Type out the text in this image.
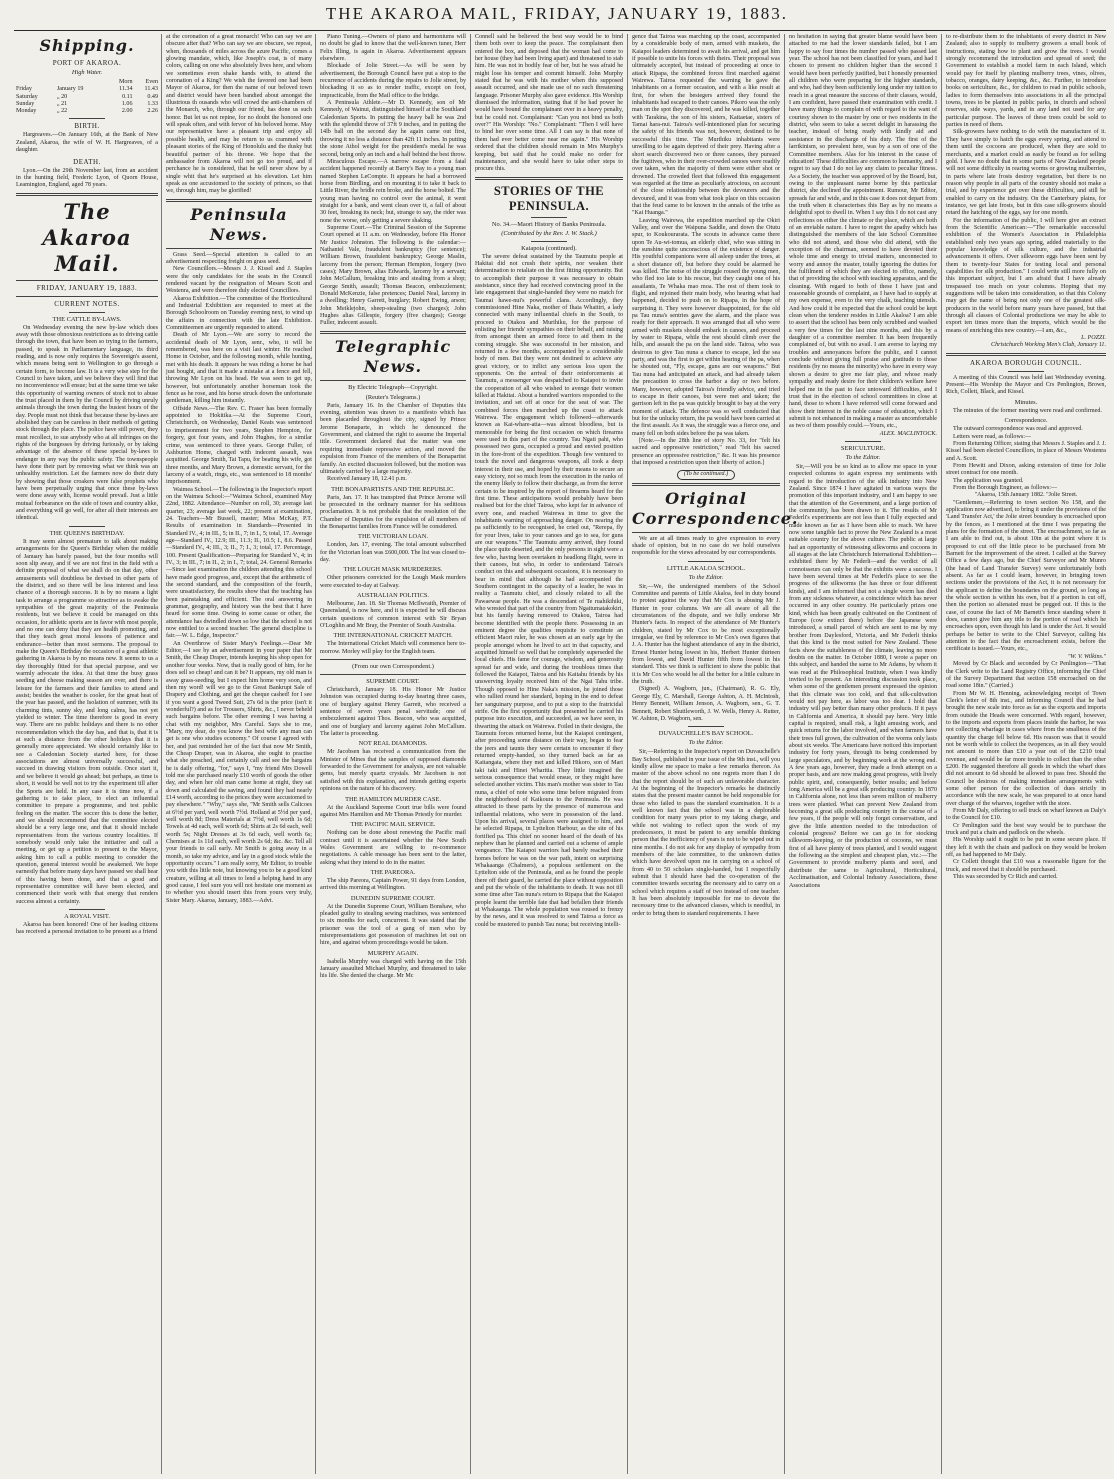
THE AKAROA MAIL, FRIDAY, JANUARY 19, 1883.
Shipping.
PORT OF AKAROA.
High Water.
		Morn	Even
Friday	January 19	11.34	11.43
Saturday	„ 20	0.11	0.49
Sunday	„ 21	1.06	1.33
Monday	„ 22	2.00	2.26
BIRTH.

Hargreaves.—On January 16th, at the Bank of New Zealand, Akaroa, the wife of W. H. Hargreaves, of a daughter.

DEATH.

Lyon.—On the 29th November last, from an accident in the hunting field, Frederic Lyon, of Quorn House, Leamington, England, aged 78 years.

The Akaroa Mail.
FRIDAY, JANUARY 19, 1883.
CURRENT NOTES.
THE CATTLE BY-LAWS.

On Wednesday evening the new by-law which does away with those obnoxious restrictions as to driving cattle through the town, that have been so trying to the farmers, passed, to speak in Parliamentary language, its third reading, and is now only requires the Sovereign's assent, which means being sent to Wellington to go through a certain form, to become law. It is a very wise step for the Council to have taken, and we believe they will find that no inconvenience will ensue; but at the same time we take this opportunity of warning owners of stock not to abuse the trust placed in them by the Council by driving unruly animals through the town during the busiest hours of the day. People must not think that because these by-laws are abolished they can be careless in their methods of getting stock through the place. The police have still power, they must recollect, to sue anybody who at all infringes on the rights of the burgesses by driving furiously, or by taking advantage of the absence of these special by-laws to endanger in any way the public safety. The townspeople have done their part by removing what we think was an unhealthy restriction. Let the farmers now do their duty by showing that those croakers were false prophets who have been perpetually urging that once these by-laws were done away with, license would prevail. Just a little mutual forbearance on the side of town and country alike, and everything will go well, for after all their interests are identical.

THE QUEEN'S BIRTHDAY.

It may seem almost premature to talk about making arrangements for the Queen's Birthday when the middle of January has barely passed, but the four months will soon slip away, and if we are not first in the field with a definite proposal of what we shall do on that day, other amusements will doubtless be devised in other parts of the district, and so there will be less interest and less chance of a thorough success. It is by no means a light task to arrange a programme so attractive as to awake the sympathies of the great majority of the Peninsula residents, but we believe it could be managed on this occasion, for athletic sports are in favor with most people, and no one can deny that they are health promoting, and that they teach great moral lessons of patience and endurance—better than most sermons. The proposal to make the Queen's Birthday the occasion of a great athletic gathering in Akaroa is by no means new. It seems to us a day thoroughly fitted for that special purpose, and we warmly advocate the idea. At that time the busy grass seeding and cheese making season are over, and there is leisure for the farmers and their families to attend and assist; besides the weather is cooler, for the great heat of the year has passed, and the Isolation of summer, with its charming tints, sunny sky, and long calms, has not yet yielded to winter. The time therefore is good in every way. There are no public holidays and there is no other recommendation which the day has, and that is, that it is at such a distance from the other holidays that it is generally more appreciated. We should certainly like to see a Caledonian Society started here, for those associations are almost universally successful, and succeed in drawing visitors from outside. Once start it, and we believe it would go ahead; but perhaps, as time is short, it would be well not to try the experiment till after the Sports are held. In any case it is time now, if a gathering is to take place, to elect an influential committee to prepare a programme, and test public feeling on the matter. The soccer this is done the better, and we should recommend that the committee elected should be a very large one, and that it should include representatives from the various country localities. If somebody would only take the initiative and call a meeting, or get up a petition to present to the Mayor, asking him to call a public meeting to consider the question, general interest would be awakened. We hope earnestly that before many days have passed we shall hear of this having been done, and that a good and representative committee will have been elected, and commenced their work with that energy that renders success almost a certainty.

A ROYAL VISIT.

Akaroa has been honored! One of her leading citizens has received a personal invitation to be present as a friend

at the coronation of a great monarch! Who can say we are obscure after that? Who can say we are obscure, we repeat, when, thousands of miles across the azure Pacific, comes a glowing mandate, which, like Joseph's coat, is of many colors, calling on one who absolutely lives here, and whom we sometimes even shake hands with, to attend the coronation of a King? We wish the favored one had been Mayor of Akaroa, for then the name of our beloved town and district would have been bandied about amongst the illustrious th ousands who will crowd the anti-chambers of the Monarch, who, through our friend, has done us such honor. But let us not repine, for no doubt the honored one will speak often, and with fervor of his beloved home. May our representative have a pleasant trip and enjoy all possible health, and may he return to us crammed with pleasant stories of the King of Honolulu and the dusky but beautiful partner of his throne. We hope that the ambassador from Akaroa will not go too proud, and if perchance he is considered, that he will never show by a single whit that he's surprised at his elevation. Let him speak as one accustomed to the society of princes, so that we, through him, may be glorified!

Peninsula News.

Grass Seed.—Special attention is called to an advertisement respecting freight on grass seed.

New Councillors.—Messrs J. J. Kissel and J. Staples were the only candidates for the seats in the Council rendered vacant by the resignation of Messrs Scott and Westenra, and were therefore duly elected Councillors.

Akaroa Exhibition.—The committee of the Horticultural and Industrial Exhibition are requested to meet at the Borough Schoolroom on Tuesday evening next, to wind up the affairs in connection with the late Exhibition. Committeemen are urgently requested to attend.

Death of Mr Lyon.—We are sorry to record the accidental death of Mr Lyon, senr., who, it will be remembered, was here on a visit last winter. He reached Home in October, and the following month, while hunting, met with his death. It appears he was riding a horse he had just bought, and that it made a mistake at a fence and fell, throwing Mr Lyon on his head. He was seen to get up, however, but unfortunately another horseman took the fence as he rose, and his horse struck down the unfortunate gentleman, killing him instantly.

Offside News.—The Rev. C. Fraser has been formally appointed to Hokitika.—At the Supreme Court, Christchurch, on Wednesday, Daniel Keats was sentenced to imprisonment for two years, Stephen Hempton, for forgery, got four years, and John Hughes, for a similar crime, was sentenced to three years. George Fuller, of Ashburton Home, charged with indecent assault, was acquitted. George Smith, Tai Tapu, for beating his wife, got three months, and Mary Brown, a domestic servant, for the larceny of a watch, rings, etc., was sentenced to 18 months' imprisonment.

Waimea School.—The following is the Inspector's report on the Waimea School:—"Waimea School, examined May 22nd, 1882. Attendance—Number on roll, 30; average last quarter, 23; average last week, 22; present at examination, 24. Teachers—Mr Bussell, master; Miss McKay, P.T. Results of examination in Standards—Presented in Standard IV., 4; in III., 5; in II., 7; in I., 5; total, 17. Average age—Standard IV., 12.9; III., 11.3; II., 10.5; I., 8.6. Passed—Standard IV., 4; III., 3; II., 7; I., 3; total, 17. Percentage, 100. Present Qualification—Preparing for Standard V., 4; in IV., 3; in III., 7; in II., 2; in I., 7; total, 24. General Remarks—Since last examination the children attending this school have made good progress, and, except that the arithmetic of the second standard, and the composition of the fourth, were unsatisfactory, the results show that the teaching has been painstaking and efficient. The oral answering in grammar, geography, and history was the best that I have heard for some time. Owing to some cause or other, the attendance has dwindled down so low that the school is not now entitled to a second teacher. The general discipline is fair.—W. L. Edge, Inspector."

An Overthrow of Sister Mary's Feelings.—Dear Mr Editor,—I see by an advertisement in your paper that Mr Smith, the Cheap Draper, intends keeping his shop open for another four weeks. Now, that is really good of him, for he does sell so cheap! and can it be? It appears, my old man is away grass-seeding, but I expect him home very soon, and then my word! will we go to the Great Bankrupt Sale of Drapery and Clothing, and get the cheque cashed! for I see if you want a good Tweed Suit, 27s 6d is the price (isn't it wonderful?) and as for Trousers, Shirts, &c., I never beheld such bargains before. The other evening I was having a chat with my neighbor, Mrs Careful. Says she to me, "Mary, my dear, do you know the best wife any man can get is one who studies economy." Of course I agreed with her, and just reminded her of the fact that now Mr Smith, the Cheap Draper, was in Akaroa, she ought to practise what she preached, and certainly call and see the bargains he is daily offering, "for," says I, "my friend Mrs Dowell told me she purchased nearly £10 worth of goods the other day, and when her old man came home at night, they sat down and calculated the saving, and found they had nearly £14 worth, according to the prices they were accustomed to pay elsewhere." "Why," says she, "Mr Smith sells Calicoes at 6½d per yard, well worth 7½d. Holland at 5½d per yard, well worth 8d; Dress Materials at 7½d, well worth 1s 6d; Towels at 4d each, well worth 6d; Shirts at 2s 6d each, well worth 5s; Night Dresses at 3s 6d each, well worth 6s; Chemises at 1s 11d each, well worth 2s 6d; &c. &c. Tell all your friends to call early. Mr Smith is going away in a month, so take my advice, and lay in a good stock while the opportunity occurs." I am really sorry, Mr Editor, to trouble you with this little note, but knowing you to be a good kind creature, willing at all times to lend a helping hand in any good cause, I feel sure you will not hesitate one moment as to whether you should insert this from yours very truly, Sister Mary. Akaroa, January, 1883.—Advt.

Piano Tuning.—Owners of piano and harmoniums will no doubt be glad to know that the well-known tuner, Herr Felix Illing, is again in Akaroa. Advertisement appears elsewhere.

Blockade of Jolie Street.—As will be seen by advertisement, the Borough Council have put a stop to the recurrence of accidents during the repairs to Jolie street, by blockading it so as to render traffic, except on foot, impracticable, from the Mail office to the bridge.

A Peninsula Athlete.—Mr D. Kennedy, son of Mr Kennedy, of Wainui, distinguished himself at the Southland Caledonian Sports. In putting the heavy ball he was 2nd with the splendid throw of 37ft 9 inches, and in putting the 14lb ball on the second day he again came out first, throwing it no less a distance than 42ft 11 inches. In putting the stone Athol weight for the president's medal he was second, being only an inch and a half behind the best throw.

Miraculous Escape.—A narrow escape from a fatal accident happened recently at Barry's Bay to a young man named Stephen LeCompte. It appears he had a borrowed horse from Birdling, and on mounting it to take it back to Little River, the bridle rein broke, and the horse bolted. The young man having no control over the animal, it went straight for a bank, and went clean over it, a fall of about 30 feet, breaking its neck; but, strange to say, the rider was none the worse, only getting a severe shaking.

Supreme Court.—The Criminal Session of the Supreme Court opened at 11 a.m. on Wednesday, before His Honor Mr Justice Johnston. The following is the calendar:—Nathaniel Vale, fraudulent bankruptcy (for sentence); William Brown, fraudulent bankruptcy; George Maslin, larceny from the person; Herman Hempton, forgery (two cases); Mary Brown, alias Edwards, larceny by a servant; John McCallum, breaking into and stealing from a shop; George Smith, assault; Thomas Beacon, embezzlement; Donald McKenzie, false pretences; Daniel Neal, larceny in a dwelling; Henry Garrett, burglary; Robert Ewing, arson; John Meiklejohn, sheep-stealing (two charges); John Hughes alias Gillespie, forgery (five charges); George Fuller, indecent assault.

Telegraphic News.
By Electric Telegraph—Copyright.
(Reuter's Telegrams.)

Paris, January 16. In the Chamber of Deputies this evening, attention was drawn to a manifesto which has been placarded throughout the city, signed by Prince Jerome Bonaparte, in which he denounced the Government, and claimed the right to assume the Imperial title. Government declared that the matter was one requiring immediate repressive action, and moved the expulsion from France of the members of the Bonapartist family. An excited discussion followed, but the motion was ultimately carried by a large majority.

Received January 18, 12.41 p.m.

THE BONAPARTISTS AND THE REPUBLIC.

Paris, Jan. 17. It has transpired that Prince Jerome will be prosecuted in the ordinary manner for his seditious proclamation. It is not probable that the resolution of the Chamber of Deputies for the expulsion of all members of the Bonapartist families from France will be considered.

THE VICTORIAN LOAN.

London, Jan. 17, evening. The total amount subscribed for the Victorian loan was £600,000. The list was closed to-day.

THE LOUGH MASK MURDERERS.

Other prisoners convicted for the Lough Mask murders were executed to-day at Galway.

AUSTRALIAN POLITICS.

Melbourne, Jan. 18. Sir Thomas McIlwraith, Premier of Queensland, is now here, and it is expected he will discuss certain questions of common interest with Sir Bryan O'Loghlin and Mr Bray, the Premier of South Australia.

THE INTERNATIONAL CRICKET MATCH.

The International Cricket Match will commence here to-morrow. Morley will play for the English team.

(From our own Correspondent.)
SUPREME COURT.

Christchurch, January 18. His Honor Mr Justice Johnston was occupied during to-day hearing three cases, one of burglary against Henry Garrett, who received a sentence of seven years penal servitude; one of embezzlement against Thos. Beacon, who was acquitted, and one of burglary and larceny against John McCallum. The latter is proceeding.

NOT REAL DIAMONDS.

Mr Jacobsen has received a communication from the Minister of Mines that the samples of supposed diamonds forwarded to the Government for analysis, are not valuable gems, but merely quartz crystals. Mr Jacobsen is not satisfied with this explanation, and intends getting experts opinions on the nature of his discovery.

THE HAMILTON MURDER CASE.

At the Auckland Supreme Court true bills were found against Mrs Hamilton and Mr Thomas Priestly for murder.

THE PACIFIC MAIL SERVICE.

Nothing can be done about renewing the Pacific mail contract until it is ascertained whether the New South Wales Government are willing to re-commence negotiations. A cable message has been sent to the latter, asking what they intend to do in the matter.

THE PAREORA.

The ship Pareora, Captain Power, 91 days from London, arrived this morning at Wellington.

DUNEDIN SUPREME COURT.

At the Dunedin Supreme Court, William Bonshaw, who pleaded guilty to stealing sewing machines, was sentenced to six months for each, concurrent. It was stated that the prisoner was the tool of a gang of men who by misrepresentations got possession of machines let out on hire, and against whom proceedings would be taken.

MURPHY AGAIN.

Isabella Murphy was charged with having on the 15th January assaulted Michael Murphy, and threatened to take his life. She denied the charge. Mr Mc

Connell said he believed the best way would be to bind them both over to keep the peace. The complainant then entered the box, and deposed that the woman had come to her house (they had been living apart) and threatened to stab him. He was not in bodily fear of her, but he was afraid he might lose his temper and commit himself. John Murphy stated that he was with his mother when this supposed assault occurred, and she made use of no such threatening language. Prisoner Murphy also gave evidence. His Worship dismissed the information, stating that if he had power he would have bound the complainant over in a heavy penalty, but he could not. Complainant: "Can you not bind us both over?" His Worship: "No." Complainant: "Then I will have to bind her over some time. All I can say is that none of them had ever better come near me again." His Worship ordered that the children should remain in Mrs Murphy's keeping, but said that he could make no order for maintenance, and she would have to take other steps to procure this.

STORIES OF THE PENINSULA.
No. 34.—Maori History of Banks Peninsula.
(Contributed by the Rev. J. W. Stack.)
Kaiapoia (continued).

The severe defeat sustained by the Taumutu people at Hakitai did not crush their spirits, nor weaken their determination to retaliate on the first fitting opportunity. But to accomplish their purpose it was necessary to obtain assistance, since they had received convincing proof in the late engagement that single-handed they were no match for Taumai hawe-nui's powerful clans. Accordingly, they commissioned Hine Naka, mother of Ihaia Whaitiri, a lady connected with many influential chiefs in the South, to proceed to Otakou and Murihiku, for the purpose of enlisting her friends' sympathies on their behalf, and raising from amongst them an armed force to aid them in the coming struggle. She was successful in her mission, and returned in a few months, accompanied by a considerable body of men. But they were not destined to achieve any great victory, or to inflict any serious loss upon the opponents. On the arrival of their reinforcements at Taumutu, a messenger was despatched to Kaiapoi to invite the cooperation of all who wished to avenge their women killed at Hakitai. About a hundred warriors responded to the invitation, and set off at once for the seat of war. The combined forces then marched up the coast to attack Wairewa. The engagement which followed—afterwards known as Kai-whare-atia—was almost bloodless, but is memorable for being the first occasion on which firearms were used in this part of the country. Tau Ngati pahi, who possessed two guns, occupied a proud and envied position in the fore-front of the expedition. Though few ventured to touch the novel and dangerous weapons, all took a deep interest in their use, and hoped by their means to secure an easy victory, not so much from the execution in the ranks of the enemy likely to follow their discharge, as from the terror certain to be inspired by the report of firearms heard for the first time. These anticipations would probably have been realised but for the chief Tairoa, who kept far in advance of every one, and reached Wairewa in time to give the inhabitants warning of approaching danger. On nearing the pa sufficiently to be recognised, he cried out, "Rerepa, fly for your lives, take to your canoes and go to sea, for guns are our weapons." The Taumutu army arrived, they found the place quite deserted, and the only persons in sight were a few who, having been overtaken in headlong flight, were in their canoes, but who, in order to understand Tairoa's conduct on this and subsequent occasions, it is necessary to bear in mind that although he had accompanied the Southern contingent in the capacity of a leader, he was in reality a Taumutu chief, and closely related to all the Pawaewae people. He was a descendant of Te ruahikihiki, who wrested that part of the country from Ngaitumatakokiri, but his family having removed to Otakou, Tairoa had become identified with the people there. Possessing in an eminent degree the qualities requisite to constitute an efficient Maori ruler, he was chosen at an early age by the people amongst whom he lived to act in that capacity, and acquitted himself so well that he completely superseded the local chiefs. His fame for courage, wisdom, and generosity spread far and wide, and during the troublous times that followed the Kaiapoi, Tairoa and his Kaitahu friends by his unswerving loyalty received him of the Ngai Tahu tribe. Though opposed to Hine Naka's mission, he joined those who rallied round her standard, hoping in the end to defeat her sanguinary purpose, and to put a stop to the fratricidal strife. On the first opportunity that presented he carried his purpose into execution, and succeeded, as we have seen, in thwarting the attack on Wairewa. Foiled in their designs, the Taumutu forces returned home, but the Kaiapoi contingent, after proceeding some distance on their way, began to fear the jeers and taunts they were certain to encounter if they returned empty-handed, so they turned back as far as Kaitangata, where they met and killed Hikoro, son of Mari taki taki and Hinei Wharitia. They little imagined the serious consequence that would ensue, or they might have selected another victim. This man's mother was sister to Tau nuna, a chief of note who some time before migrated from the neighborhood of Kaikoura to the Peninsula. He was attracted to these parts by the presence of numerous and influential relations, who were in possession of the land. Upon his arrival, several places were assigned to him, and he selected Ripapa, in Lyttelton Harbour, as the site of his fortified pa. This chief no sooner heard of the death of his nephew than he planned and carried out a scheme of ample vengeance. The Kaiapoi warriors had barely reached their homes before he was on the war path, intent on surprising Whakaanga (Chalmers), a populous settlement on the Lyttelton side of the Peninsula, and as he found the people there off their guard, he carried the place without opposition and put the whole of the inhabitants to death. It was not till some time after Tau nuna's return to Ripapa that the Kaiapoi people learnt the terrible fate that had befallen their friends at Whakaanga. The whole population was roused to frenzy by the news, and it was resolved to send Tairoa a force as could be mustered to punish Tau nuna; but receiving intelli-

gence that Tairoa was marching up the coast, accompanied by a considerable body of men, armed with muskets, the Kaiapoi leaders determined to await his arrival, and get him if possible to unite his forces with theirs. Their proposal was ultimately accepted, but instead of proceeding at once to attack Ripapa, the combined forces first marched against Wairewa. Tairoa requested the warning he gave the inhabitants on a former occasion, and with a like result at first, for when the besiegers arrived they found the inhabitants had escaped to their canoes. Pikoro was the only man on the spot they discovered, and he was killed, together with Tarakina, the son of his sisters, Kaitaetae, sisters of Tamai hara-nui. Tairoa's well-intentioned plan for securing the safety of his friends was not, however, destined to be successful this time. The Murihiku inhabitants were unwilling to be again deprived of their prey. Having after a short search discovered two or three canoes, they pursued the fugitives, who in their over-crowded canoes were readily over taken, when the majority of them were either shot or drowned. The crowded fleet that followed this engagement was regarded at the time as peculiarly atrocious, on account of the close relationship between the devourers and the devoured, and it was from what took place on this occasion that the feud came to be known in the annals of the tribe as "Kai Huanga."

Leaving Wairewa, the expedition marched up the Okiri Valley, and over the Waipuna Saddle, and down the Otutu spur, to Koukourarata. The scouts in advance came there upon Te Au-wi-tomua, an elderly chief, who was sitting in the sunshine quite unconscious of the existence of danger. His youthful companions were all asleep under the trees, at a short distance off, but before they could be alarmed he was killed. The noise of the struggle roused the young men, who fled too late to his rescue, but they caught one of his assailants, Te Whaka mao moa. The rest of them took to flight, and rejoined their main body, who hearing what had happened, decided to push on to Ripapa, in the hope of surprising it. They were however disappointed, for the old pa Tau nuna's sentries gave the alarm, and the place was ready for their approach. It was arranged that all who were armed with muskets should embark in canoes, and proceed by water to Ripapa, while the rest should climb over the hills, and assault the pa on the land side. Tairoa, who was desirous to give Tau nuna a chance to escape, led the sea party, and was the first to get within hearing of the pa, when he shouted out, "Fly, escape, guns are our weapons." But Tau nuna had anticipated an attack, and had already taken the precaution to cross the harbor a day or two before. Many, however, adopted Tairoa's friendly advice, and tried to escape in their canoes, but were met and taken; the garrison left in the pa was quickly brought to bay at the very moment of attack. The defence was so well conducted that but for the unlucky return, the pa would have been carried at the first assault. As it was, the struggle was a fierce one, and many fell on both sides before the pa was taken.

[Note.—In the 28th line of story No. 33, for "felt his sacred and oppressive restriction," read "felt his sacred presence an oppressive restriction," &c. It was his presence that imposed a restriction upon their liberty of action.]

(To be continued.)
Original Correspondence.

We are at all times ready to give expression to every shade of opinion, but in no case do we hold ourselves responsible for the views advocated by our correspondents.

LITTLE AKALOA SCHOOL.
To the Editor.

Sir,—We, the undersigned members of the School Committee and parents of Little Akaloa, feel in duty bound to protest against the way that Mr Cox is abusing Mr J. Hunter in your columns. We are all aware of all the circumstances of the dispute, and we fully endorse Mr Hunter's facts. In respect of the attendance of Mr Hunter's children, stated by Mr Cox to be most exceptionally irregular, we find by reference to Mr Cox's own figures that J. A. Hunter has the highest attendance of any in the district, Ernest Hunter being lowest in his, Herbert Hunter thirteen from lowest, and David Hunter fifth from lowest in his standard. This we think is sufficient to show the public that it is Mr Cox who would be all the better for a little culture in the truth.

(Signed) A. Wagborn, jun., (Chairman), R. G. Ely, George Ely, C. Marshall, George Ashton, A. H. McIntosh, Henry Bennett, William Jenson, A. Wagborn, sen., G. T. Bennett, Robert Shuttleworth, J. W. Wells, Henry A. Rutter, W. Ashton, D. Wagborn, sen.

DUVAUCHELLE'S BAY SCHOOL.
To the Editor.

Sir,—Referring to the Inspector's report on Duvauchelle's Bay School, published in your issue of the 9th inst., will you kindly allow me space to make a few remarks thereon. As master of the above school no one regrets more than I do that the report should be of such an unfavorable character. At the beginning of the Inspector's remarks he distinctly states that the present master cannot be held responsible for those who failed to pass the standard examination. It is a well known fact that the school was in a deplorable condition for many years prior to my taking charge, and while not wishing to reflect upon the work of my predecessors, it must be patent to any sensible thinking person that the inefficiency of years is not to be wiped out in nine months. I do not ask for any display of sympathy from members of the late committee, to the unknown duties which have devolved upon me in carrying on a school of from 40 to 50 scholars single-handed, but I respectfully submit that I should have had the co-operation of the committee towards securing the necessary aid to carry on a school which requires a staff of two instead of one teacher. It has been absolutely impossible for me to devote the necessary time to the advanced classes, which is needful, in order to bring them to standard requirements. I have

no hesitation in saying that greater blame would have been attached to me had the lower standards failed, but I am happy to say four times the number passed who passed last year. The school has not been classified for years, and had I chosen to present no children higher than the second I would have been perfectly justified, but I honestly presented all children who were preparing for the higher standards, and who, had they been sufficiently long under my tuition to reach in a great measure the success of their classes, would, I am confident, have passed their examination with credit. I have many things to complain of with regard to the want of courtesy shown to the master by one or two residents in the district, who seem to take a secret delight in harassing the teacher, instead of being ready with kindly aid and assistance in the discharge of his duty. The first of the larrikinism, so prevalent here, was by a son of one of the Committee members. Alas for his interest in the cause of education! These difficulties are common to humanity, and I regret to say that I do not lay any claim to peculiar fitness. As a Society, the teacher was approved of by the Board, but, owing to the unpleasant name borne by this particular district, she declined the appointment. Rumour, Mr Editor, spreads far and wide, and in this case it does not depart from the truth when it characterises this Bay as by no means a delightful spot to dwell in. When I say this I do not cast any reflections on either the climate or the place, which are both of an enviable nature. I have to regret the apathy which has distinguished the members of the late School Committee who did not attend, and those who did attend, with the exception of the chairman, seemed to have devoted their whole time and energy to trivial matters, unconnected to worry and annoy the master, totally ignoring the duties for the fulfilment of which they are elected to office, namely, that of providing the school with teaching apparatus, and the cleaning. With regard to both of these I have just and reasonable grounds of complaint, as I have had to supply at my own expense, even to the very chalk, teaching utensils. And how could it be expected that the school could be kept clean when the tenderer resides in Little Akaloa? I am able to assert that the school has been only scrubbed and washed a very few times for the last nine months, and this by a daughter of a committee member. It has been frequently complained of, but with no avail. I am averse to laying my troubles and annoyances before the public, and I cannot conclude without giving full praise and gratitude to those residents (by no means the minority) who have in every way shown a desire to give me fair play, and whose ready sympathy and ready desire for their children's welfare have helped me in the past to face untoward difficulties, and I trust that in the election of school committees in close at hand, those to whom I have referred will come forward and show their interest in the noble cause of education, which I submit is not enhanced in making a master as uncomfortable as two of them possibly could.—Yours, etc.,

ALEX. MACLINTOCK.
SERICULTURE.
To the Editor.

Sir,—Will you be so kind as to allow me space in your respected columns to again express my sentiments with regard to the introduction of the silk industry into New Zealand. Since 1874 I have agitated in various ways the promotion of this important industry, and I am happy to see that the attention of the Government, and a large portion of the community, has been drawn to it. The results of Mr Federli's experiments are not less than I fully expected and made known as far as I have been able to reach. We have now some tangible fact to prove the New Zealand is a most suitable country for the above culture. The public at large had an opportunity of witnessing silkworms and cocoons in all stages at the late Christchurch International Exhibition—exhibited there by Mr Federli—and the verdict of all connoisseurs can only be that the exhibits were a success. I have been several times at Mr Federli's place to see the progress of the silkworms (he has three or four different kinds), and I am informed that not a single worm has died from any sickness whatever, a coincidence which has never occurred in any other country. He particularly prizes one kind, which has been greatly cultivated on the Continent of Europe (cow extinct there) before the Japanese were introduced, a small parcel of which are sent to me by my brother from Daylesford, Victoria, and Mr Federli thinks that this kind is the most suited for New Zealand. These facts show the suitableness of the climate, leaving no more doubts on the matter. In October 1880, I wrote a paper on this subject, and handed the same to Mr Adams, by whom it was read at the Philosophical Institute, when I was kindly invited to be present. An interesting discussion took place, when some of the gentlemen present expressed the opinion that this climate was too cold, and that silk-cultivation would not pay here, as labor was too dear. I hold that industry will pay better than many other products. If it pays in California and America, it should pay here. Very little capital is required, small risk, a light amusing work, and quick returns for the labor involved, and when farmers have their trees full grown, the cultivation of the worms only lasts about six weeks. The Americans have noticed this important industry for forty years, through its being condemned by large speculators, and by beginning work at the wrong end. A few years ago, however, they made a fresh attempt on a proper basis, and are now making great progress, with lively public spirit, and, consequently, better results; and before long America will be a great silk producing country. In 1870 in California alone, not less than seven million of mulberry trees were planted. What can prevent New Zealand from becoming a great silk producing country in the course of a few years, if the people will only forget conservatism, and give the little attention needed to the introduction of colonial progress? Before we can go in for stocking silkworm-keeping, or the production of cocoons, we must first of all have plenty of trees planted, and I would suggest the following as the simplest and cheapest plan, viz.:—The Government to provide mulberry plants and seed, and distribute the same to Agricultural, Horticultural, Acclimatisation, and Colonial Industry Associations, these Associations

to re-distribute them to the inhabitants of every district in New Zealand; also to supply to mulberry growers a small book of instructions, stating how to plant and grow the trees. I would strongly recommend the introduction and spread of seed; the Government to establish a model farm in each Island, which would pay for itself by planting mulberry trees, vines, olives, tobacco, oranges, dairy keeping, &c., &c. Further, to introduce books on sericulture, &c., for children to read in public schools, ladies to form themselves into associations in all the principal towns, trees to be planted in public parks, in church and school reserves, side ways, yards, and in any land not used for any particular purpose. The leaves of these trees could be sold to parties in need of them.

Silk-growers have nothing to do with the manufacture of it. They have simply to hatch the eggs every spring, and attend to them until the cocoons are produced, when they are sold to merchants, and a market could as easily be found as for selling gold. I have no doubt that in some parts of New Zealand people will not some difficulty in rearing worms or growing mulberries, in parts where late frosts destroy vegetation, but there is no reason why people in all parts of the country should not make a trial, and by experience get over these difficulties, and still be enabled to carry on the industry. On the Canterbury plains, for instance, we get late frosts, but in this case silk-growers should retard the hatching of the eggs, say for one month.

For the information of the public, I will here give an extract from the Scientific American:—"The remarkable successful exhibition of the Women's Association in Philadelphia established only two years ago spring, added materially to the popular knowledge of silk culture, and the industrial advancements it offers. Over silkworm eggs have been sent by them to twenty-four States for testing local and personal capabilities for silk production." I could write still more fully on this important subject, but I am afraid that I have already trespassed too much on your columns. Hoping that my suggestions will be taken into consideration, so that this Colony may get the name of being not only one of the greatest silk-producers in the world before many years have passed, but that through all classes of Colonial productions we may be able to export ten times more than the imports, which would be the means of enriching this new country.—I am, &c.,

L. POZZI.
Christchurch Working Men's Club, January 11.
AKAROA BOROUGH COUNCIL.

A meeting of this Council was held last Wednesday evening. Present—His Worship the Mayor and Crs Penlington, Brown, Rich, Collett, Black, and Kissel.

Minutes.

The minutes of the former meeting were read and confirmed.

Correspondence.

The outward correspondence was read and approved.

Letters were read, as follows:—

From Returning Officer, stating that Messrs J. Staples and J. J. Kissel had been elected Councillors, in place of Messrs Westenra and A. Scott.

From Hewitt and Dixon, asking extension of time for Jolie street contract for one month.

The application was granted.

From the Borough Engineer, as follows:—

"Akaroa, 15th January 1882. "Jolie Street.

"Gentlemen,—Referring to town section No 158, and the application now advertised, to bring it under the provisions of the 'Land Transfer Act,' the Jolie street boundary is encroached upon by the fences, as I mentioned at the time I was preparing the plans for the formation of the street. The encroachment, so far as I am able to find out, is about 10in at the point where it is proposed to cut off the little piece to be purchased from Mr Barnett for the improvement of the street. I called at the Survey Office a few days ago, but the Chief Surveyor and Mr Munro (the head of Land Transfer Survey) were unfortunately both absent. As far as I could learn, however, in bringing town sections under the provisions of the Act, it is not necessary for the applicant to define the boundaries on the ground, so long as the whole section is within his own, but if a portion is cut off, then the portion so alienated must be pegged out. If this is the case, of course the fact of Mr Barnett's fence standing where it does, cannot give him any title to the portion of road which he encroaches upon, even though his land is under the Act. It would perhaps be better to write to the Chief Surveyor, calling his attention to the fact that the encroachment exists, before the certificate is issued.—Yours, etc.,

"W. V. Wilkins."

Moved by Cr Black and seconded by Cr Penlington—"That the Clerk write to the Land Registry Office, informing the Chief of the Survey Department that section 158 encroached on the road some 18in." (Carried.)

From Mr W. H. Henning, acknowledging receipt of Town Clerk's letter of 8th inst., and informing Council that he had brought the new scale into force as far as the exports and imports from outside the Heads were concerned. With regard, however, to the imports and exports from places inside the harbor, he was not collecting wharfage in cases where from the smallness of the quantity the charge fell below 6d. His reason was that it would not be worth while to collect the twopences, as in all they would not amount to more than £10 a year out of the £210 total revenue, and would be far more trouble to collect than the other £200. He suggested therefore all goods in which the wharf dues did not amount to 6d should be allowed to pass free. Should the Council be desirous of making immediate arrangements with some other person for the collection of dues strictly in accordance with the new scale, he was prepared to at once hand over charge of the wharves, together with the store.

From Mr Daly, offering to sell truck on wharf known as Daly's to the Council for £10.

Cr Penlington said the best way would be to purchase the truck and put a chain and padlock on the wheels.

His Worship said it ought to be put in some secure place. If they left it with the chain and padlock on they would be broken off, as had happened to Mr Daly.

Cr Collett thought that £10 was a reasonable figure for the truck, and moved that it should be purchased.

This was seconded by Cr Rich and carried.
